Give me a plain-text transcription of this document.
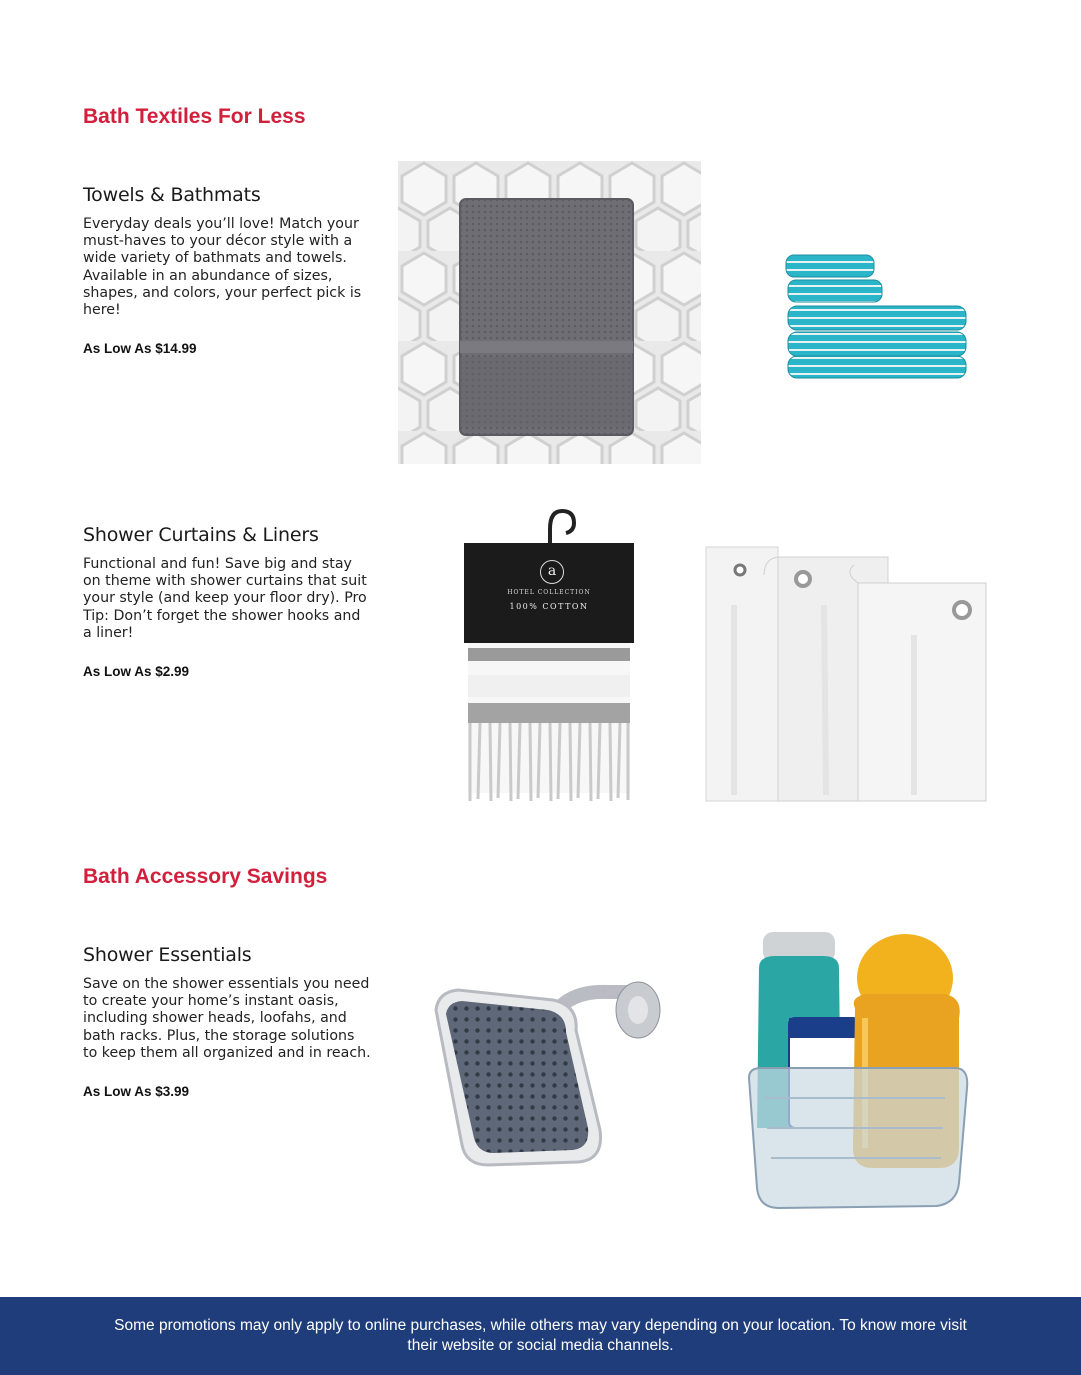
Bath Textiles For Less
Towels & Bathmats

Everyday deals you’ll love! Match your must-haves to your décor style with a wide variety of bathmats and towels. Available in an abundance of sizes, shapes, and colors, your perfect pick is here!

As Low As $14.99
Shower Curtains & Liners

Functional and fun! Save big and stay on theme with shower curtains that suit your style (and keep your floor dry). Pro Tip: Don’t forget the shower hooks and a liner!

As Low As $2.99
a
HOTEL COLLECTION
100% COTTON
Bath Accessory Savings
Shower Essentials

Save on the shower essentials you need to create your home’s instant oasis, including shower heads, loofahs, and bath racks. Plus, the storage solutions to keep them all organized and in reach.

As Low As $3.99

Some promotions may only apply to online purchases, while others may vary depending on your location. To know more visit their website or social media channels.
